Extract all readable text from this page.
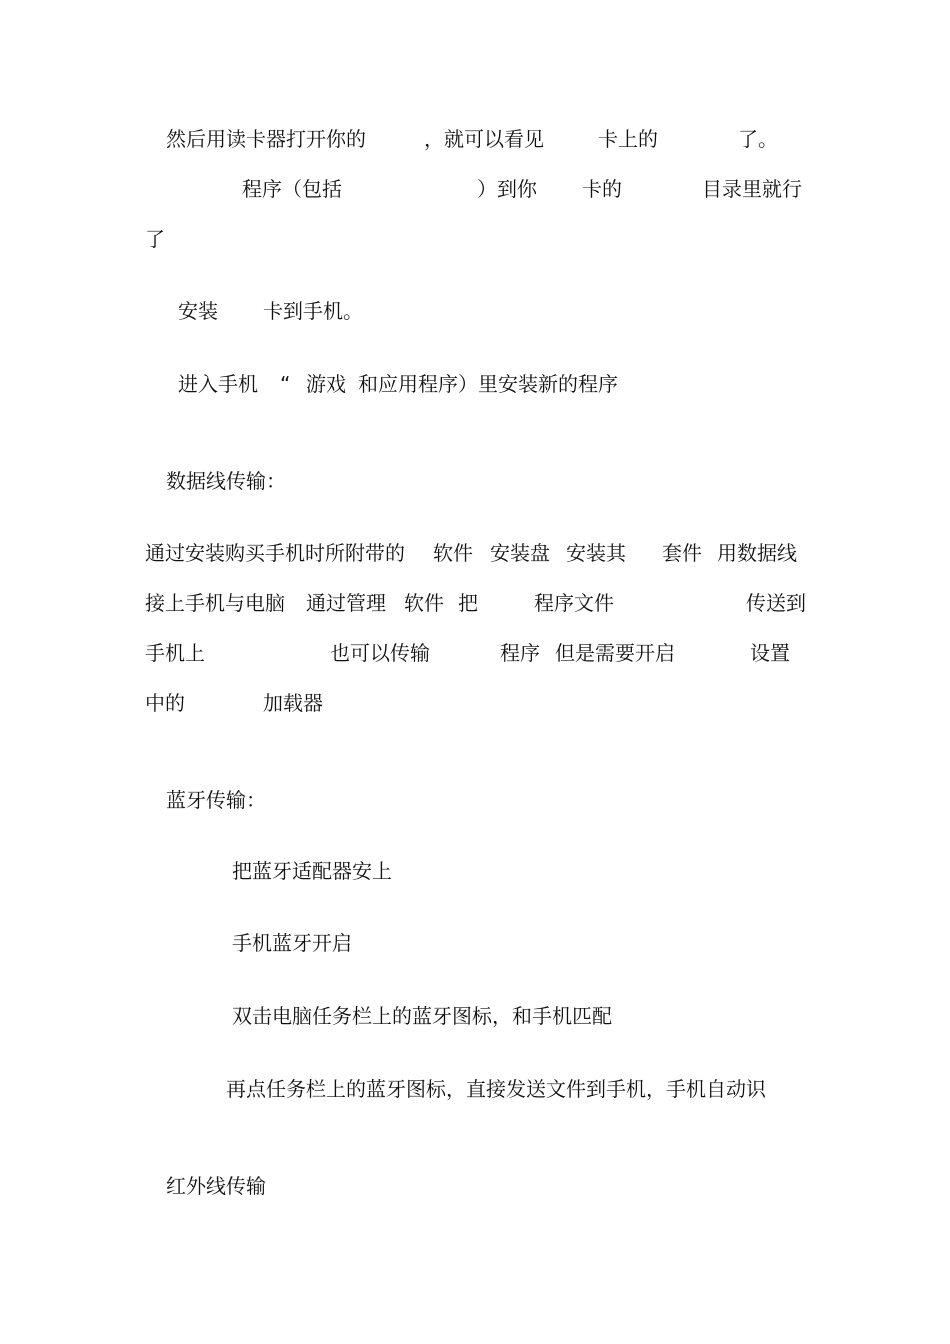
然后用读卡器打开你的	，就可以看见	卡上的	了。
程序（包括	）到你 卡的	目录里就行
了
安装 卡到手机。
进入手机 “ 游戏 和应用程序）里安装新的程序
数据线传输：
通过安装购买手机时所附带的 软件 安装盘 安装其 套件 用数据线
接上手机与电脑 通过管理 软件 把	程序文件	传送到
手机上	也可以传输	程序 但是需要开启	设置
中的	加载器
蓝牙传输：
把蓝牙适配器安上
手机蓝牙开启
双击电脑任务栏上的蓝牙图标，和手机匹配
再点任务栏上的蓝牙图标，直接发送文件到手机，手机自动识
红外线传输
